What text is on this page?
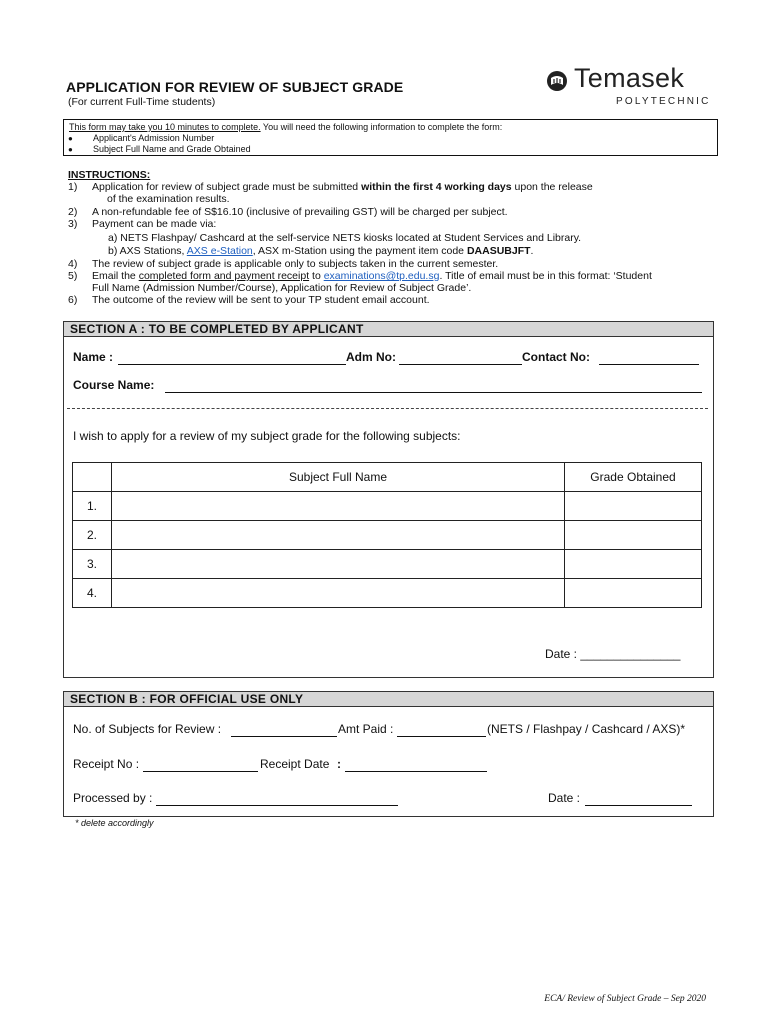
APPLICATION FOR REVIEW OF SUBJECT GRADE
(For current Full-Time students)
Temasek
POLYTECHNIC
This form may take you 10 minutes to complete. You will need the following information to complete the form:
● Applicant's Admission Number
● Subject Full Name and Grade Obtained
INSTRUCTIONS:
1) Application for review of subject grade must be submitted within the first 4 working days upon the release
of the examination results.
2) A non-refundable fee of S$16.10 (inclusive of prevailing GST) will be charged per subject.
3) Payment can be made via:
a) NETS Flashpay/ Cashcard at the self-service NETS kiosks located at Student Services and Library.
b) AXS Stations, AXS e-Station, ASX m-Station using the payment item code DAASUBJFT.
4) The review of subject grade is applicable only to subjects taken in the current semester.
5) Email the completed form and payment receipt to examinations@tp.edu.sg. Title of email must be in this format: ‘Student
Full Name (Admission Number/Course), Application for Review of Subject Grade’.
6) The outcome of the review will be sent to your TP student email account.
SECTION A : TO BE COMPLETED BY APPLICANT
Name :	Adm No:	Contact No:
Course Name:
I wish to apply for a review of my subject grade for the following subjects:
	Subject Full Name	Grade Obtained
1.		
2.		
3.		
4.		
Date : _______________
SECTION B : FOR OFFICIAL USE ONLY
No. of Subjects for Review :	Amt Paid :	(NETS / Flashpay / Cashcard / AXS)*
Receipt No :	Receipt Date :
Processed by :	Date :
* delete accordingly
ECA/ Review of Subject Grade – Sep 2020
